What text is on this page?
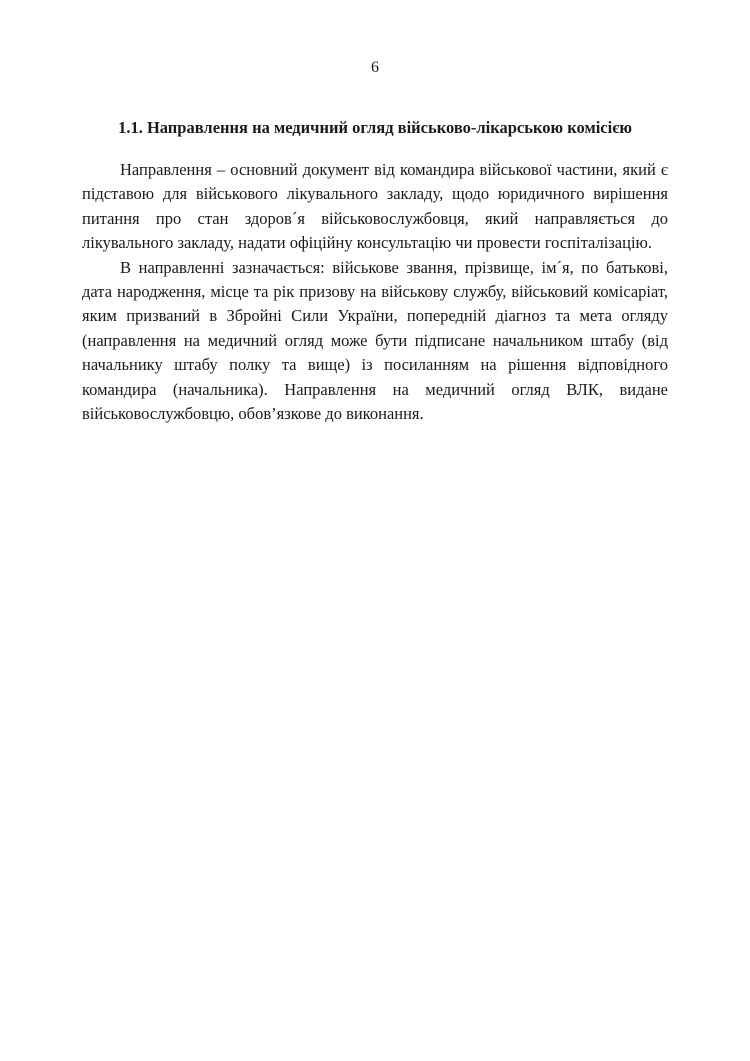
6
1.1. Направлення на медичний огляд військово-лікарською комісією

Направлення – основний документ від командира військової частини, який є підставою для військового лікувального закладу, щодо юридичного вирішення питання про стан здоров´я військовослужбовця, який направляється до лікувального закладу, надати офіційну консультацію чи провести госпіталізацію.

В направленні зазначається: військове звання, прізвище, ім´я, по батькові, дата народження, місце та рік призову на військову службу, військовий комісаріат, яким призваний в Збройні Сили України, попередній діагноз та мета огляду (направлення на медичний огляд може бути підписане начальником штабу (від начальнику штабу полку та вище) із посиланням на рішення відповідного командира (начальника). Направлення на медичний огляд ВЛК, видане військовослужбовцю, обов’язкове до виконання.
